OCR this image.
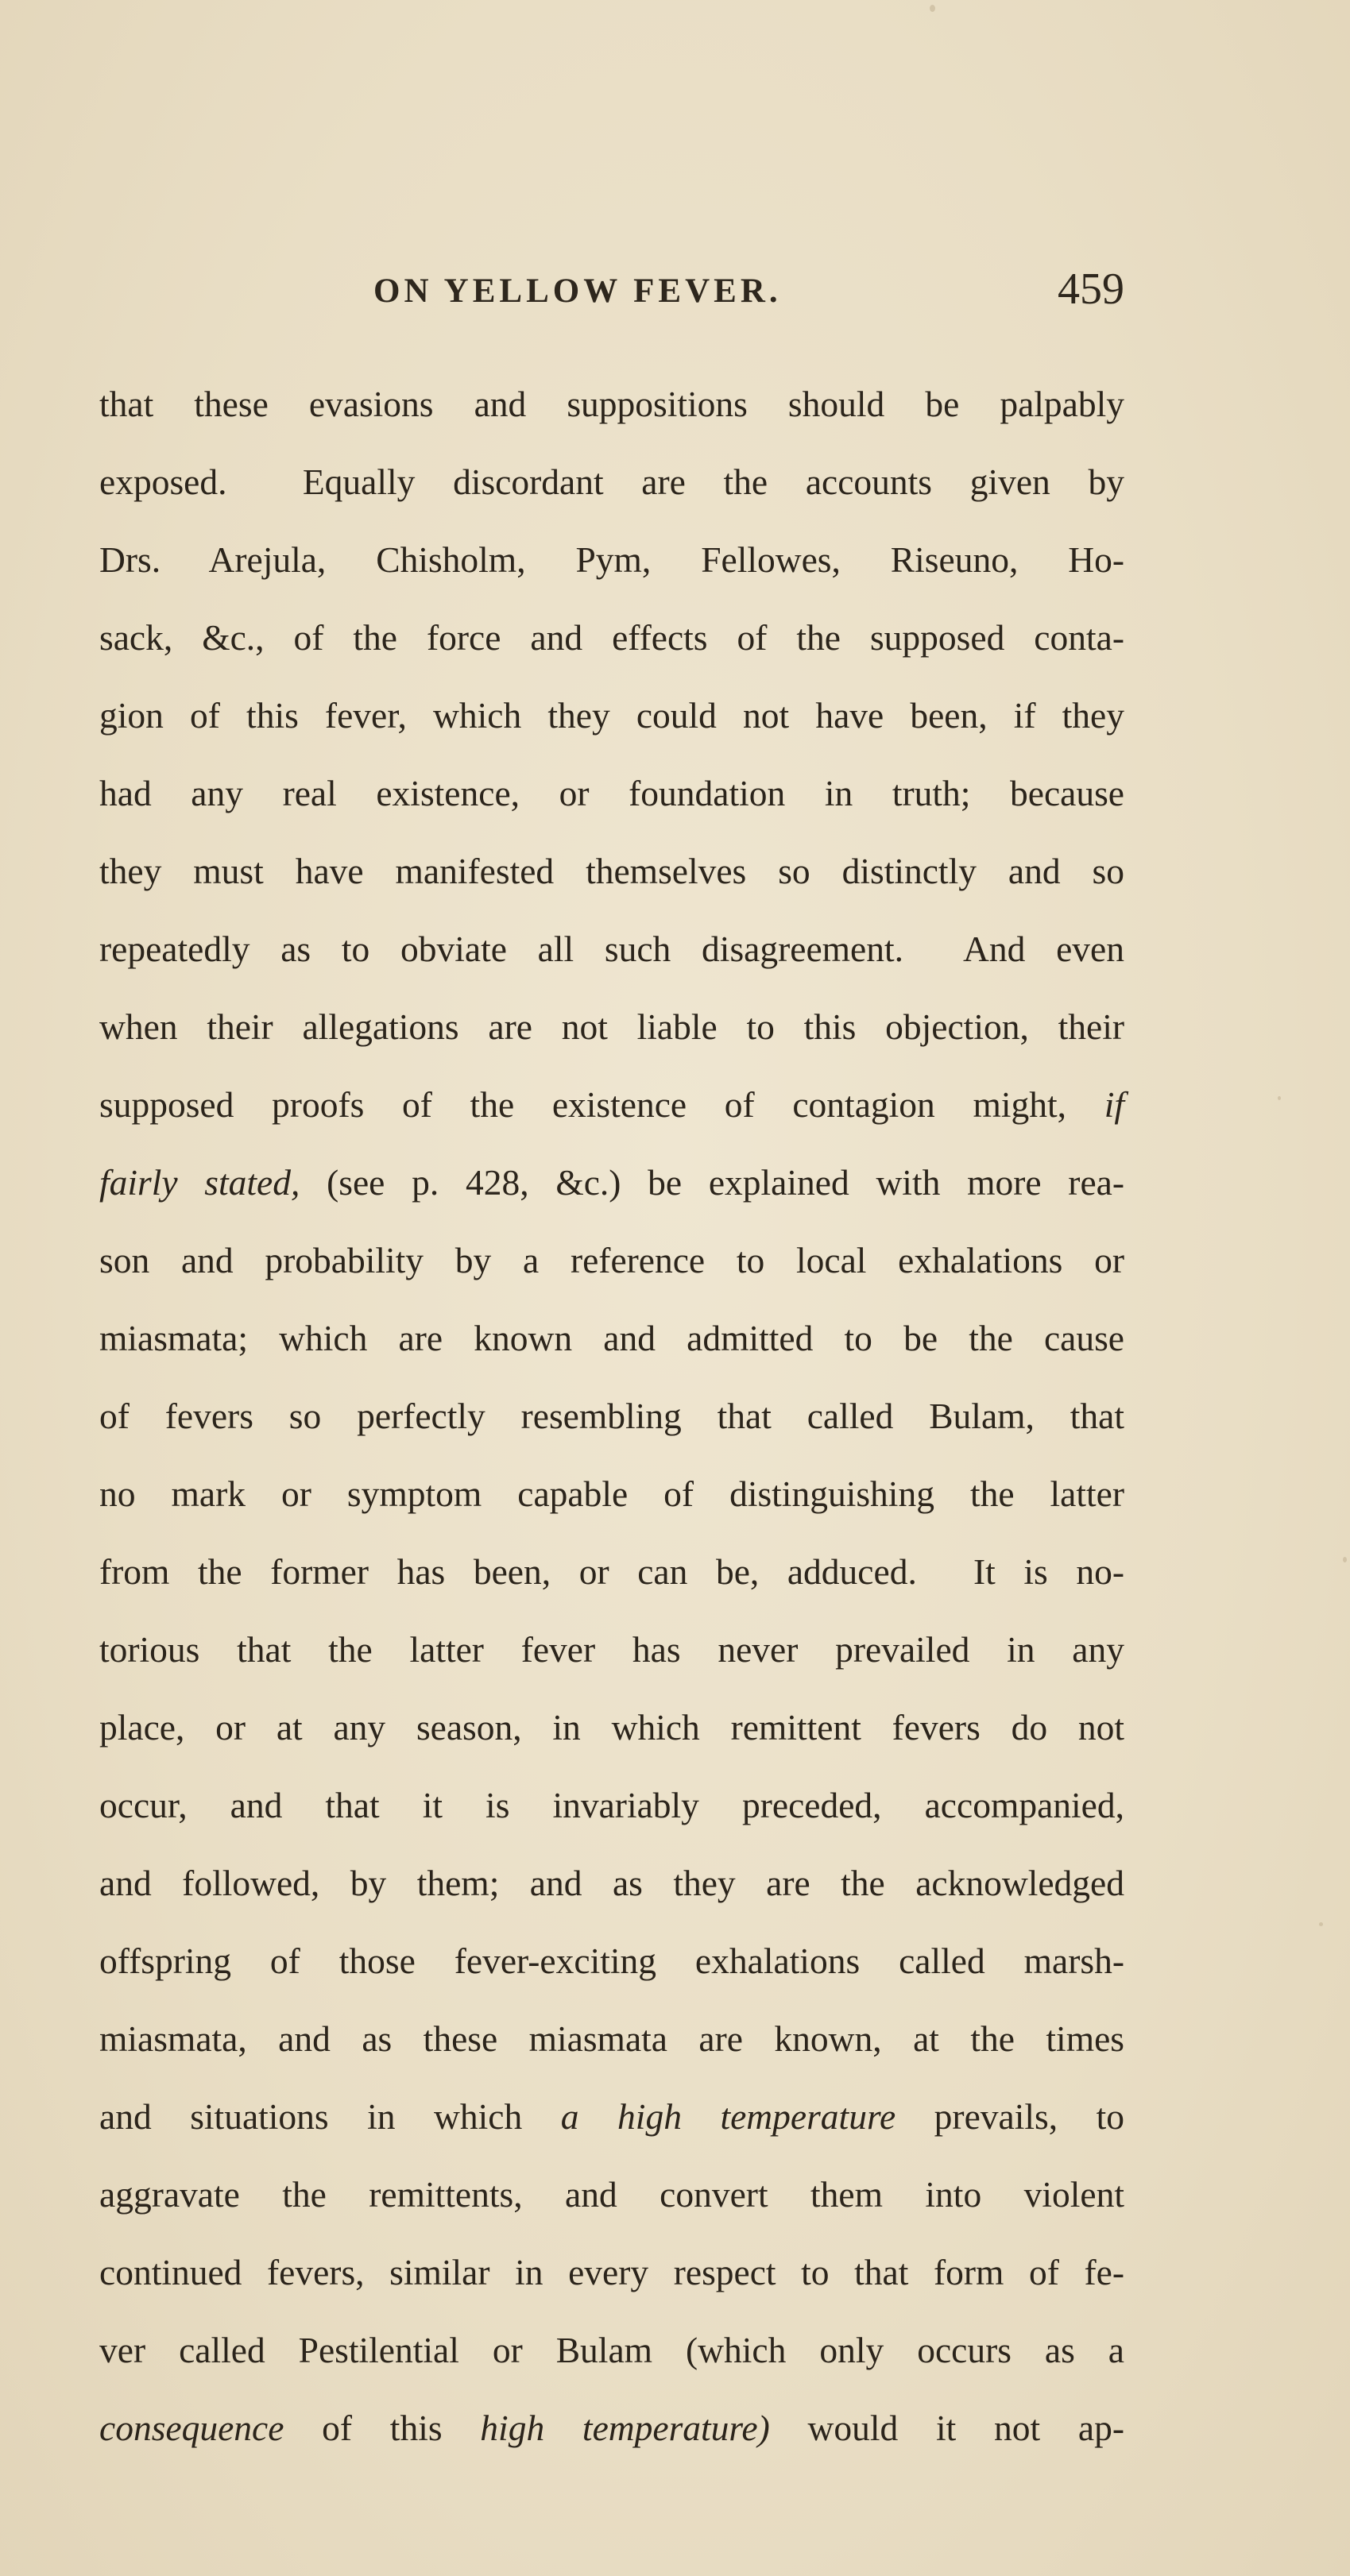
ON YELLOW FEVER.	459
that these evasions and suppositions should be palpably
exposed.  Equally discordant are the accounts given by
Drs. Arejula, Chisholm, Pym, Fellowes, Riseuno, Ho-
sack, &c., of the force and effects of the supposed conta-
gion of this fever, which they could not have been, if they
had any real existence, or foundation in truth; because
they must have manifested themselves so distinctly and so
repeatedly as to obviate all such disagreement.  And even
when their allegations are not liable to this objection, their
supposed proofs of the existence of contagion might, if
fairly stated, (see p. 428, &c.) be explained with more rea-
son and probability by a reference to local exhalations or
miasmata; which are known and admitted to be the cause
of fevers so perfectly resembling that called Bulam, that
no mark or symptom capable of distinguishing the latter
from the former has been, or can be, adduced.  It is no-
torious that the latter fever has never prevailed in any
place, or at any season, in which remittent fevers do not
occur, and that it is invariably preceded, accompanied,
and followed, by them; and as they are the acknowledged
offspring of those fever-exciting exhalations called marsh-
miasmata, and as these miasmata are known, at the times
and situations in which a high temperature prevails, to
aggravate the remittents, and convert them into violent
continued fevers, similar in every respect to that form of fe-
ver called Pestilential or Bulam (which only occurs as a
consequence of this high temperature) would it not ap-
